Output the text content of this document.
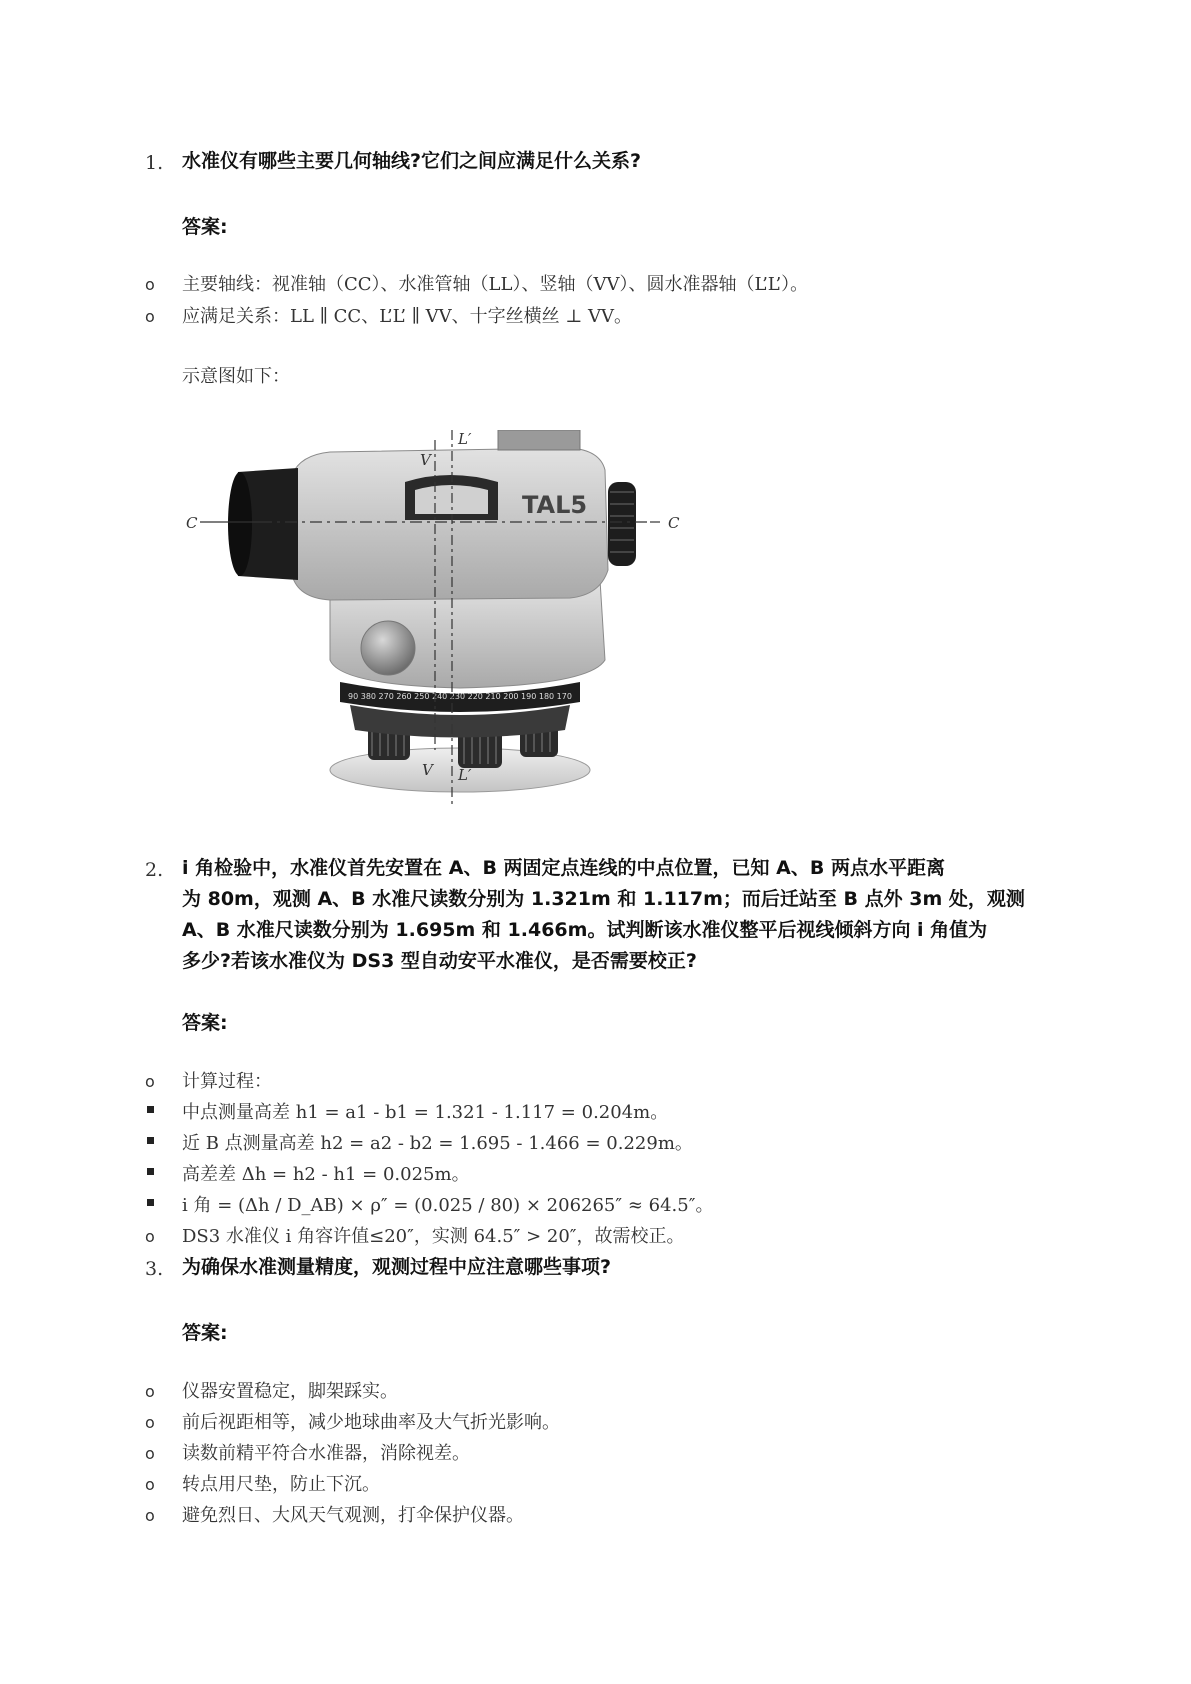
1. 水准仪有哪些主要几何轴线?它们之间应满足什么关系?
答案:
o 主要轴线：视准轴（CC）、水准管轴（LL）、竖轴（VV）、圆水准器轴（L’L’）。
o 应满足关系：LL ∥ CC、L’L’ ∥ VV、十字丝横丝 ⊥ VV。
示意图如下：
90 380 270 260 250 240 230 220 210 200 190 180 170
TAL5
C	C
V
L′
V L′
2. i 角检验中，水准仪首先安置在 A、B 两固定点连线的中点位置，已知 A、B 两点水平距离
为 80m，观测 A、B 水准尺读数分别为 1.321m 和 1.117m；而后迁站至 B 点外 3m 处，观测
A、B 水准尺读数分别为 1.695m 和 1.466m。试判断该水准仪整平后视线倾斜方向 i 角值为
多少?若该水准仪为 DS3 型自动安平水准仪，是否需要校正?
答案:
o 计算过程：
中点测量高差 h1 = a1 - b1 = 1.321 - 1.117 = 0.204m。
近 B 点测量高差 h2 = a2 - b2 = 1.695 - 1.466 = 0.229m。
高差差 Δh = h2 - h1 = 0.025m。
i 角 = (Δh / D_AB) × ρ″ = (0.025 / 80) × 206265″ ≈ 64.5″。
o DS3 水准仪 i 角容许值≤20″，实测 64.5″ > 20″，故需校正。
3. 为确保水准测量精度，观测过程中应注意哪些事项?
答案:
o 仪器安置稳定，脚架踩实。
o 前后视距相等，减少地球曲率及大气折光影响。
o 读数前精平符合水准器，消除视差。
o 转点用尺垫，防止下沉。
o 避免烈日、大风天气观测，打伞保护仪器。
